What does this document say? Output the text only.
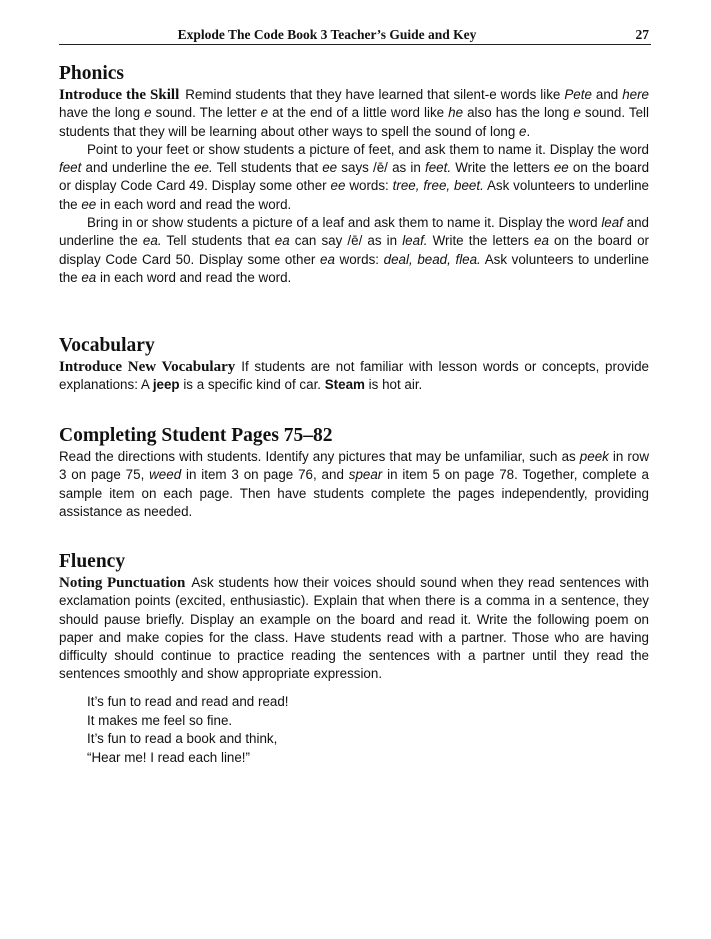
Explode The Code Book 3 Teacher’s Guide and Key	27
Phonics

Introduce the Skill Remind students that they have learned that silent-e words like Pete and here have the long e sound. The letter e at the end of a little word like he also has the long e sound. Tell students that they will be learning about other ways to spell the sound of long e.

Point to your feet or show students a picture of feet, and ask them to name it. Display the word feet and underline the ee. Tell students that ee says /ē/ as in feet. Write the letters ee on the board or display Code Card 49. Display some other ee words: tree, free, beet. Ask volunteers to underline the ee in each word and read the word.

Bring in or show students a picture of a leaf and ask them to name it. Display the word leaf and underline the ea. Tell students that ea can say /ē/ as in leaf. Write the letters ea on the board or display Code Card 50. Display some other ea words: deal, bead, flea. Ask volunteers to underline the ea in each word and read the word.

Vocabulary

Introduce New Vocabulary If students are not familiar with lesson words or concepts, provide explanations: A jeep is a specific kind of car. Steam is hot air.

Completing Student Pages 75–82

Read the directions with students. Identify any pictures that may be unfamiliar, such as peek in row 3 on page 75, weed in item 3 on page 76, and spear in item 5 on page 78. Together, complete a sample item on each page. Then have students complete the pages independently, providing assistance as needed.

Fluency

Noting Punctuation Ask students how their voices should sound when they read sentences with exclamation points (excited, enthusiastic). Explain that when there is a comma in a sentence, they should pause briefly. Display an example on the board and read it. Write the following poem on paper and make copies for the class. Have students read with a partner. Those who are having difficulty should continue to practice reading the sentences with a partner until they read the sentences smoothly and show appropriate expression.

It’s fun to read and read and read!
It makes me feel so fine.
It’s fun to read a book and think,
“Hear me! I read each line!”
